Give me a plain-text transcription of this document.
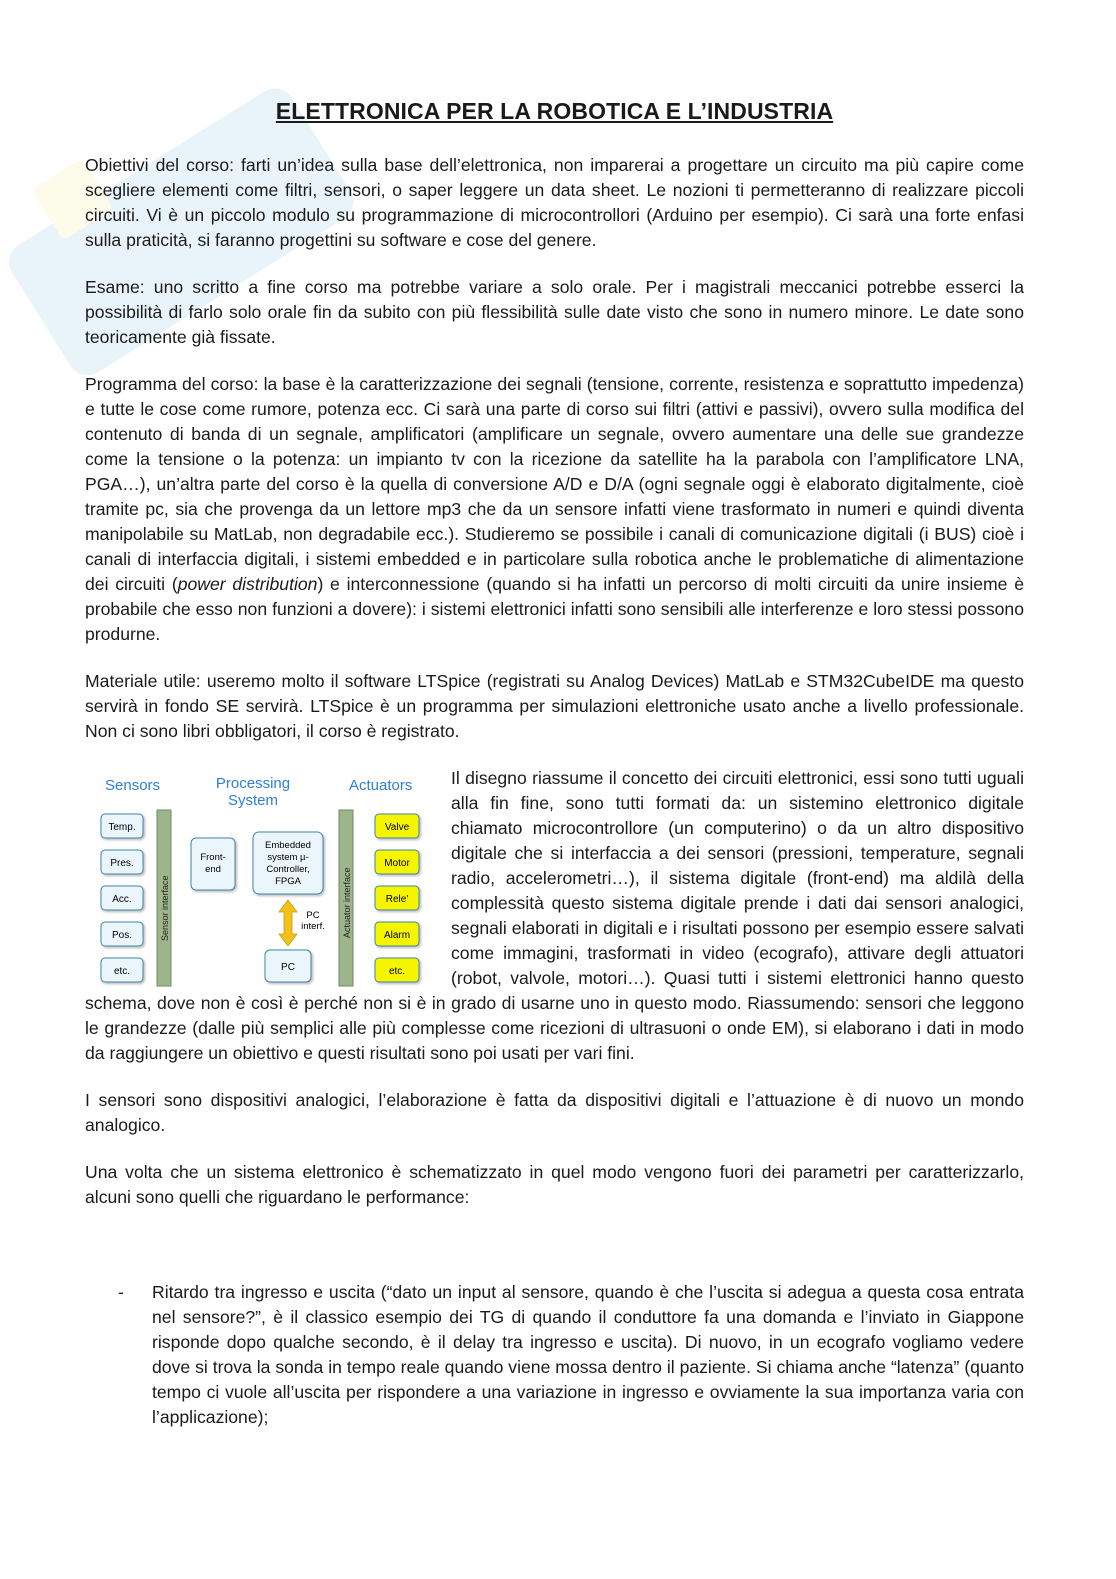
ELETTRONICA PER LA ROBOTICA E L’INDUSTRIA

Obiettivi del corso: farti un’idea sulla base dell’elettronica, non imparerai a progettare un circuito ma più capire come scegliere elementi come filtri, sensori, o saper leggere un data sheet. Le nozioni ti permetteranno di realizzare piccoli circuiti. Vi è un piccolo modulo su programmazione di microcontrollori (Arduino per esempio). Ci sarà una forte enfasi sulla praticità, si faranno progettini su software e cose del genere.

Esame: uno scritto a fine corso ma potrebbe variare a solo orale. Per i magistrali meccanici potrebbe esserci la possibilità di farlo solo orale fin da subito con più flessibilità sulle date visto che sono in numero minore. Le date sono teoricamente già fissate.

Programma del corso: la base è la caratterizzazione dei segnali (tensione, corrente, resistenza e soprattutto impedenza) e tutte le cose come rumore, potenza ecc. Ci sarà una parte di corso sui filtri (attivi e passivi), ovvero sulla modifica del contenuto di banda di un segnale, amplificatori (amplificare un segnale, ovvero aumentare una delle sue grandezze come la tensione o la potenza: un impianto tv con la ricezione da satellite ha la parabola con l’amplificatore LNA, PGA…), un’altra parte del corso è la quella di conversione A/D e D/A (ogni segnale oggi è elaborato digitalmente, cioè tramite pc, sia che provenga da un lettore mp3 che da un sensore infatti viene trasformato in numeri e quindi diventa manipolabile su MatLab, non degradabile ecc.). Studieremo se possibile i canali di comunicazione digitali (i BUS) cioè i canali di interfaccia digitali, i sistemi embedded e in particolare sulla robotica anche le problematiche di alimentazione dei circuiti (power distribution) e interconnessione (quando si ha infatti un percorso di molti circuiti da unire insieme è probabile che esso non funzioni a dovere): i sistemi elettronici infatti sono sensibili alle interferenze e loro stessi possono produrne.

Materiale utile: useremo molto il software LTSpice (registrati su Analog Devices) MatLab e STM32CubeIDE ma questo servirà in fondo SE servirà. LTSpice è un programma per simulazioni elettroniche usato anche a livello professionale. Non ci sono libri obbligatori, il corso è registrato.

Sensors	Processing
System
Actuators
Sensor interface	Actuator interface
Temp.
Pres.
Acc.
Pos.
etc.
Front-
end
Embedded
system µ-
Controller,
FPGA
PC
interf.
PC
Valve
Motor
Rele'
Alarm
etc.

Il disegno riassume il concetto dei circuiti elettronici, essi sono tutti uguali alla fin fine, sono tutti formati da: un sistemino elettronico digitale chiamato microcontrollore (un computerino) o da un altro dispositivo digitale che si interfaccia a dei sensori (pressioni, temperature, segnali radio, accelerometri…), il sistema digitale (front-end) ma aldilà della complessità questo sistema digitale prende i dati dai sensori analogici, segnali elaborati in digitali e i risultati possono per esempio essere salvati come immagini, trasformati in video (ecografo), attivare degli attuatori (robot, valvole, motori…). Quasi tutti i sistemi elettronici hanno questo schema, dove non è così è perché non si è in grado di usarne uno in questo modo. Riassumendo: sensori che leggono le grandezze (dalle più semplici alle più complesse come ricezioni di ultrasuoni o onde EM), si elaborano i dati in modo da raggiungere un obiettivo e questi risultati sono poi usati per vari fini.

I sensori sono dispositivi analogici, l’elaborazione è fatta da dispositivi digitali e l’attuazione è di nuovo un mondo analogico.

Una volta che un sistema elettronico è schematizzato in quel modo vengono fuori dei parametri per caratterizzarlo, alcuni sono quelli che riguardano le performance:

- Ritardo tra ingresso e uscita (“dato un input al sensore, quando è che l’uscita si adegua a questa cosa entrata nel sensore?”, è il classico esempio dei TG di quando il conduttore fa una domanda e l’inviato in Giappone risponde dopo qualche secondo, è il delay tra ingresso e uscita). Di nuovo, in un ecografo vogliamo vedere dove si trova la sonda in tempo reale quando viene mossa dentro il paziente. Si chiama anche “latenza” (quanto tempo ci vuole all’uscita per rispondere a una variazione in ingresso e ovviamente la sua importanza varia con l’applicazione);
